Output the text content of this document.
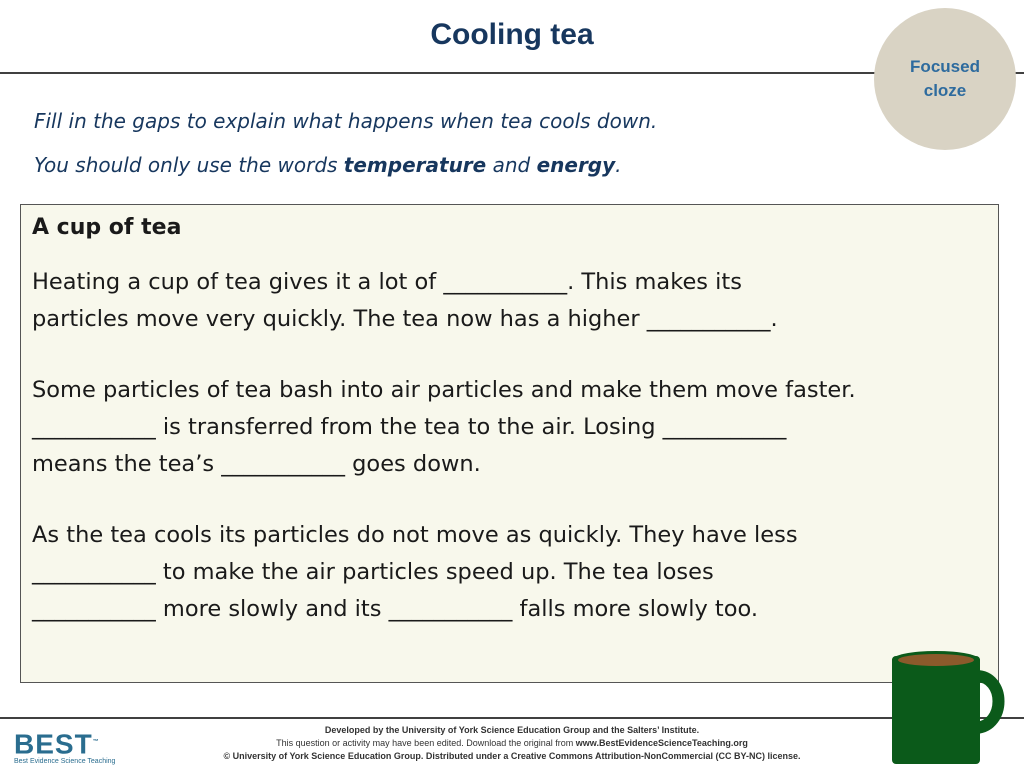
Cooling tea
Focused
cloze
Fill in the gaps to explain what happens when tea cools down.
You should only use the words temperature and energy.
A cup of tea
Heating a cup of tea gives it a lot of ___________. This makes its
particles move very quickly. The tea now has a higher ___________.
Some particles of tea bash into air particles and make them move faster.
___________ is transferred from the tea to the air. Losing ___________
means the tea’s ___________ goes down.
As the tea cools its particles do not move as quickly. They have less
___________ to make the air particles speed up. The tea loses
___________ more slowly and its ___________ falls more slowly too.
BEST™
Best Evidence Science Teaching
Developed by the University of York Science Education Group and the Salters’ Institute.
This question or activity may have been edited. Download the original from www.BestEvidenceScienceTeaching.org
© University of York Science Education Group. Distributed under a Creative Commons Attribution-NonCommercial (CC BY-NC) license.
